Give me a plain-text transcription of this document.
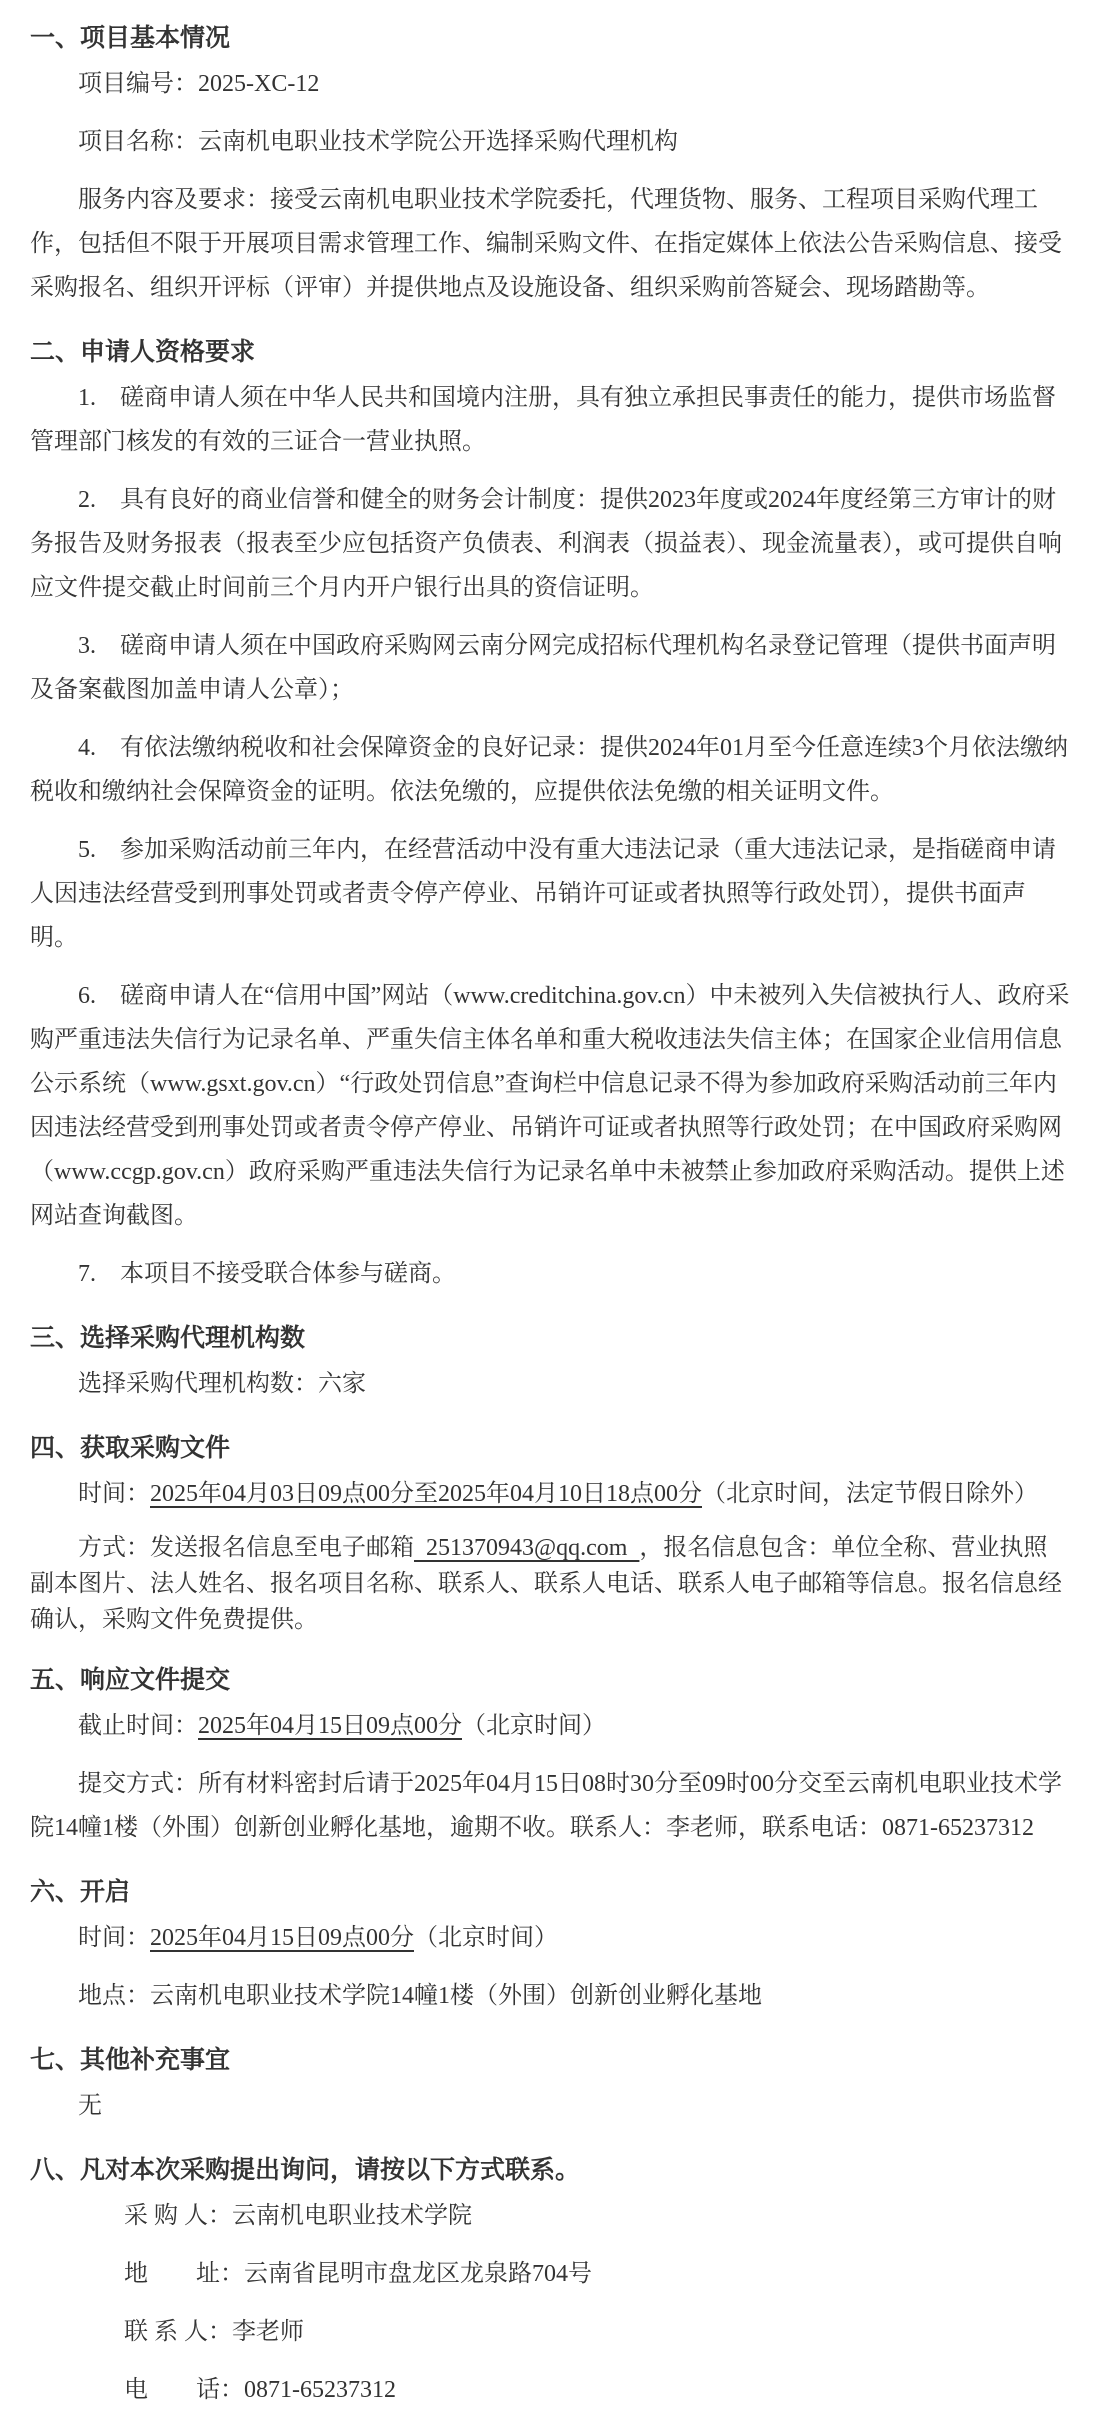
一、项目基本情况

项目编号：2025-XC-12

项目名称：云南机电职业技术学院公开选择采购代理机构

服务内容及要求：接受云南机电职业技术学院委托，代理货物、服务、工程项目采购代理工作，包括但不限于开展项目需求管理工作、编制采购文件、在指定媒体上依法公告采购信息、接受采购报名、组织开评标（评审）并提供地点及设施设备、组织采购前答疑会、现场踏勘等。

二、申请人资格要求

1.　磋商申请人须在中华人民共和国境内注册，具有独立承担民事责任的能力，提供市场监督管理部门核发的有效的三证合一营业执照。

2.　具有良好的商业信誉和健全的财务会计制度：提供2023年度或2024年度经第三方审计的财务报告及财务报表（报表至少应包括资产负债表、利润表（损益表）、现金流量表），或可提供自响应文件提交截止时间前三个月内开户银行出具的资信证明。

3.　磋商申请人须在中国政府采购网云南分网完成招标代理机构名录登记管理（提供书面声明及备案截图加盖申请人公章）；

4.　有依法缴纳税收和社会保障资金的良好记录：提供2024年01月至今任意连续3个月依法缴纳税收和缴纳社会保障资金的证明。依法免缴的，应提供依法免缴的相关证明文件。

5.　参加采购活动前三年内，在经营活动中没有重大违法记录（重大违法记录，是指磋商申请人因违法经营受到刑事处罚或者责令停产停业、吊销许可证或者执照等行政处罚），提供书面声明。

6.　磋商申请人在“信用中国”网站（www.creditchina.gov.cn）中未被列入失信被执行人、政府采购严重违法失信行为记录名单、严重失信主体名单和重大税收违法失信主体；在国家企业信用信息公示系统（www.gsxt.gov.cn）“行政处罚信息”查询栏中信息记录不得为参加政府采购活动前三年内因违法经营受到刑事处罚或者责令停产停业、吊销许可证或者执照等行政处罚；在中国政府采购网（www.ccgp.gov.cn）政府采购严重违法失信行为记录名单中未被禁止参加政府采购活动。提供上述网站查询截图。

7.　本项目不接受联合体参与磋商。

三、选择采购代理机构数

选择采购代理机构数：六家

四、获取采购文件

时间：2025年04月03日09点00分至2025年04月10日18点00分（北京时间，法定节假日除外）

方式：发送报名信息至电子邮箱  251370943@qq.com  ，报名信息包含：单位全称、营业执照副本图片、法人姓名、报名项目名称、联系人、联系人电话、联系人电子邮箱等信息。报名信息经确认，采购文件免费提供。

五、响应文件提交

截止时间：2025年04月15日09点00分（北京时间）

提交方式：所有材料密封后请于2025年04月15日08时30分至09时00分交至云南机电职业技术学院14幢1楼（外围）创新创业孵化基地，逾期不收。联系人：李老师，联系电话：0871-65237312

六、开启

时间：2025年04月15日09点00分（北京时间）

地点：云南机电职业技术学院14幢1楼（外围）创新创业孵化基地

七、其他补充事宜

无

八、凡对本次采购提出询问，请按以下方式联系。

采 购 人：云南机电职业技术学院

地　　址：云南省昆明市盘龙区龙泉路704号

联 系 人：李老师

电　　话：0871-65237312
